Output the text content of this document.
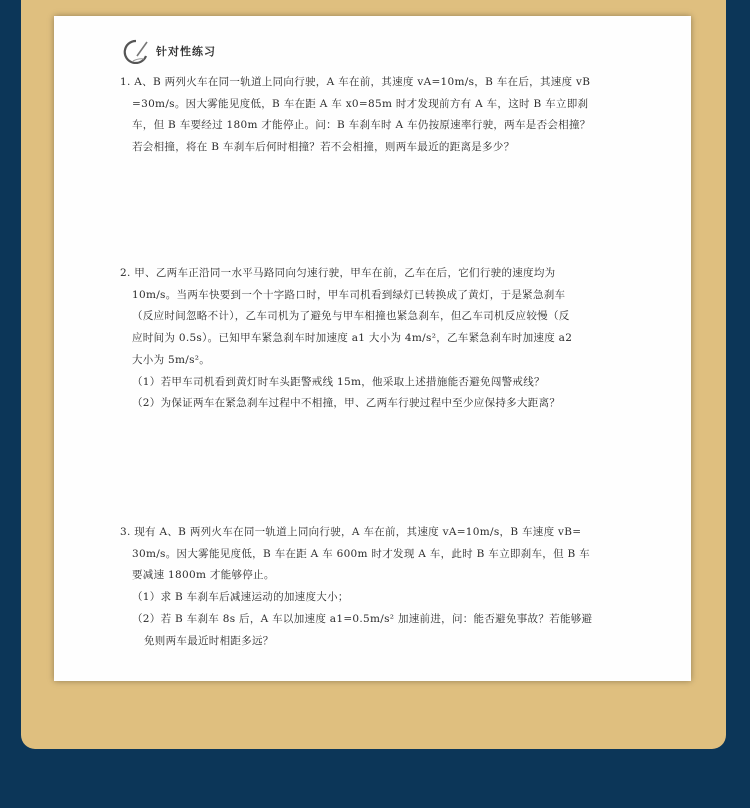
针对性练习

1. A、B 两列火车在同一轨道上同向行驶，A 车在前，其速度 vA=10m/s，B 车在后，其速度 vB

=30m/s。因大雾能见度低，B 车在距 A 车 x0=85m 时才发现前方有 A 车，这时 B 车立即刹

车，但 B 车要经过 180m 才能停止。问：B 车刹车时 A 车仍按原速率行驶，两车是否会相撞？

若会相撞，将在 B 车刹车后何时相撞？若不会相撞，则两车最近的距离是多少？

2. 甲、乙两车正沿同一水平马路同向匀速行驶，甲车在前，乙车在后，它们行驶的速度均为

10m/s。当两车快要到一个十字路口时，甲车司机看到绿灯已转换成了黄灯，于是紧急刹车

（反应时间忽略不计），乙车司机为了避免与甲车相撞也紧急刹车，但乙车司机反应较慢（反

应时间为 0.5s）。已知甲车紧急刹车时加速度 a1 大小为 4m/s²，乙车紧急刹车时加速度 a2

大小为 5m/s²。

（1）若甲车司机看到黄灯时车头距警戒线 15m，他采取上述措施能否避免闯警戒线？

（2）为保证两车在紧急刹车过程中不相撞，甲、乙两车行驶过程中至少应保持多大距离？

3. 现有 A、B 两列火车在同一轨道上同向行驶，A 车在前，其速度 vA=10m/s，B 车速度 vB=

30m/s。因大雾能见度低，B 车在距 A 车 600m 时才发现 A 车，此时 B 车立即刹车，但 B 车

要减速 1800m 才能够停止。

（1）求 B 车刹车后减速运动的加速度大小；

（2）若 B 车刹车 8s 后，A 车以加速度 a1=0.5m/s² 加速前进，问：能否避免事故？若能够避

免则两车最近时相距多远？
